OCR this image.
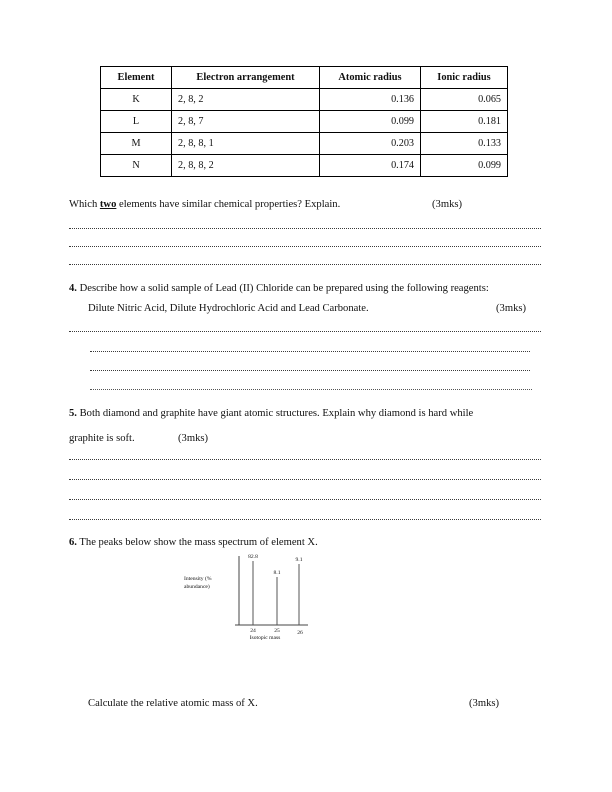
Element	Electron arrangement	Atomic radius	Ionic radius
K	2, 8, 2	0.136	0.065
L	2, 8, 7	0.099	0.181
M	2, 8, 8, 1	0.203	0.133
N	2, 8, 8, 2	0.174	0.099
Which two elements have similar chemical properties? Explain.	(3mks)
4. Describe how a solid sample of Lead (II) Chloride can be prepared using the following reagents:
Dilute Nitric Acid, Dilute Hydrochloric Acid and Lead Carbonate.	(3mks)
5. Both diamond and graphite have giant atomic structures. Explain why diamond is hard while
graphite is soft.	(3mks)
6. The peaks below show the mass spectrum of element X.
82.8
8.1
9.1
24	25	26
Isotopic mass
Intensity (%
abundance)
Calculate the relative atomic mass of X.	(3mks)
